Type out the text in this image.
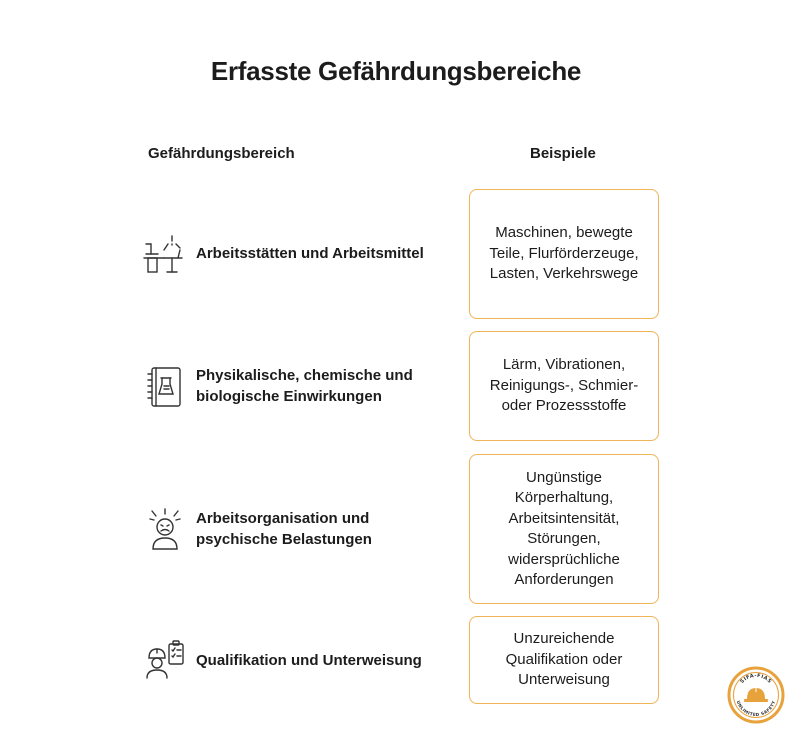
Erfasste Gefährdungsbereiche
Gefährdungsbereich	Beispiele
Arbeitsstätten und Arbeitsmittel
Maschinen, bewegte Teile, Flurförderzeuge, Lasten, Verkehrswege
Physikalische, chemische und biologische Einwirkungen
Lärm, Vibrationen, Reinigungs-, Schmier- oder Prozessstoffe
Arbeitsorganisation und psychische Belastungen
Ungünstige Körperhaltung, Arbeitsintensität, Störungen, widersprüchliche Anforderungen
Qualifikation und Unterweisung
Unzureichende Qualifikation oder Unterweisung	SIFA-FIAS
UNLIMITED SAFETY
